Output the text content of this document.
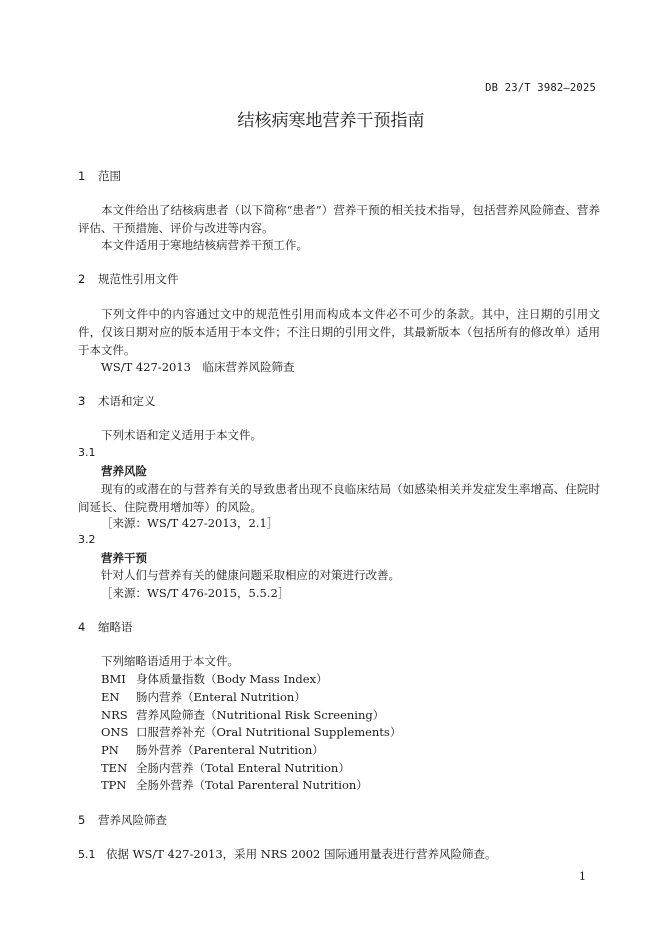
DB 23/T 3982—2025
结核病寒地营养干预指南
1 范围
本文件给出了结核病患者（以下简称“患者”）营养干预的相关技术指导，包括营养风险筛查、营养评估、干预措施、评价与改进等内容。
本文件适用于寒地结核病营养干预工作。
2 规范性引用文件
下列文件中的内容通过文中的规范性引用而构成本文件必不可少的条款。其中，注日期的引用文件，仅该日期对应的版本适用于本文件；不注日期的引用文件，其最新版本（包括所有的修改单）适用于本文件。
WS/T 427-2013　临床营养风险筛查
3 术语和定义
下列术语和定义适用于本文件。
3.1
营养风险
现有的或潜在的与营养有关的导致患者出现不良临床结局（如感染相关并发症发生率增高、住院时间延长、住院费用增加等）的风险。
［来源：WS/T 427-2013，2.1］
3.2
营养干预
针对人们与营养有关的健康问题采取相应的对策进行改善。
［来源：WS/T 476-2015，5.5.2］
4 缩略语
下列缩略语适用于本文件。
BMI 身体质量指数（Body Mass Index）
EN 肠内营养（Enteral Nutrition）
NRS 营养风险筛查（Nutritional Risk Screening）
ONS 口服营养补充（Oral Nutritional Supplements）
PN 肠外营养（Parenteral Nutrition）
TEN 全肠内营养（Total Enteral Nutrition）
TPN 全肠外营养（Total Parenteral Nutrition）
5 营养风险筛查
5.1 依据 WS/T 427-2013，采用 NRS 2002 国际通用量表进行营养风险筛查。
1
